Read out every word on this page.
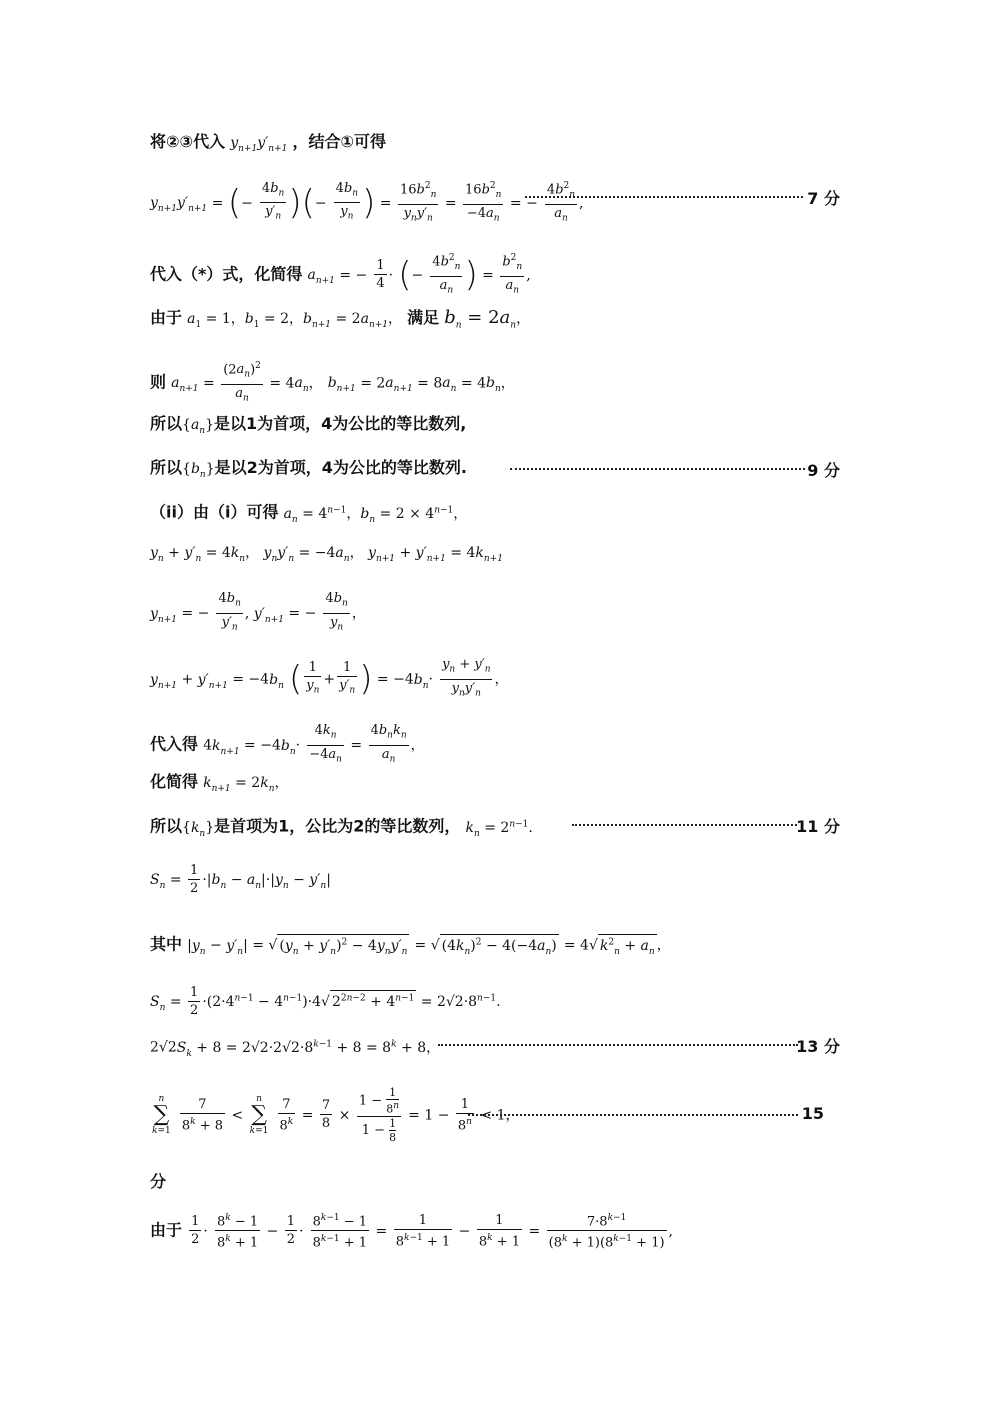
将②③代入 $y_{n+1}y'_{n+1}$ ，结合①可得
$y_{n+1}y'_{n+1}$ = (− $\frac{4b_n}{y'_n}$ )(− $\frac{4b_n}{y_n}$ ) = $\frac{16b^2_n}{y_ny'_n} = \frac{16b^2_n}{-4a_n}$ = − $\frac{4b^2_n}{a_n}$ ,	7 分
代入（*）式，化简得 $a_{n+1}$ = − $\frac{1}{4}$ · (− $\frac{4b^2_n}{a_n}$ ) = $\frac{b^2_n}{a_n}$ ,
由于 $a_1 = 1$，$b_1 = 2$，$b_{n+1} = 2a_{n+1}$， 满足 $b_n = 2a_n$，
则 $a_{n+1} = \frac{(2a_n)^2}{a_n} = 4a_n$， $b_{n+1} = 2a_{n+1} = 8a_n = 4b_n$，
所以$\{a_n\}$是以1为首项，4为公比的等比数列,
所以$\{b_n\}$是以2为首项，4为公比的等比数列.	9 分
（ii）由（i）可得 $a_n = 4^{n-1}$，$b_n = 2 \times 4^{n-1}$，
$y_n + y'_n = 4k_n$， $y_ny'_n = -4a_n$， $y_{n+1} + y'_{n+1} = 4k_{n+1}$
$y_{n+1}$ = − $\frac{4b_n}{y'_n}$ , $y'_{n+1}$ = − $\frac{4b_n}{y_n}$ ，
$y_{n+1} + y'_{n+1} = -4b_n$ ( $\frac{1}{y_n} + \frac{1}{y'_n}$ ) = $-4b_n\cdot \frac{y_n + y'_n}{y_ny'_n}$ ，
代入得 $4k_{n+1} = -4b_n\cdot \frac{4k_n}{-4a_n} = \frac{4b_nk_n}{a_n}$ ，
化简得 $k_{n+1} = 2k_n$，
所以$\{k_n\}$是首项为1，公比为2的等比数列， $k_n = 2^{n-1}$.	11 分
$S_n = \frac{1}{2} \cdot|b_n - a_n|\cdot|y_n - y'_n|$
其中 $|y_n - y'_n|$ = √ $(y_n + y'_n)^2 - 4y_ny'_n$ = √ $(4k_n)^2 - 4(-4a_n) = 4√$ $k^2_n + a_n$ ，
$S_n = \frac{1}{2} \cdot(2\cdot 4^{n-1} - 4^{n-1})\cdot 4√$ $2^{2n-2} + 4^{n-1} = 2√2\cdot 8^{n-1}$.
$2√2S_k + 8 = 2√2\cdot 2√2\cdot 8^{k-1} + 8 = 8^k + 8$，	13 分
n
∑
$k=1 \frac{7}{8^k + 8} < n$
∑
$k=1 \frac{7}{8^k} = \frac{7}{8} \times \frac{1 - \frac{1}{8^n}}{1 - \frac{1}{8}} = 1 - \frac{1}{8^n} < 1$，	15
分
由于 $\frac{1}{2} \cdot \frac{8^k - 1}{8^k + 1} - \frac{1}{2} \cdot \frac{8^{k-1} - 1}{8^{k-1} + 1} = \frac{1}{8^{k-1} + 1} - \frac{1}{8^k + 1} = \frac{7\cdot 8^{k-1}}{(8^k + 1)(8^{k-1} + 1)}$ ,
